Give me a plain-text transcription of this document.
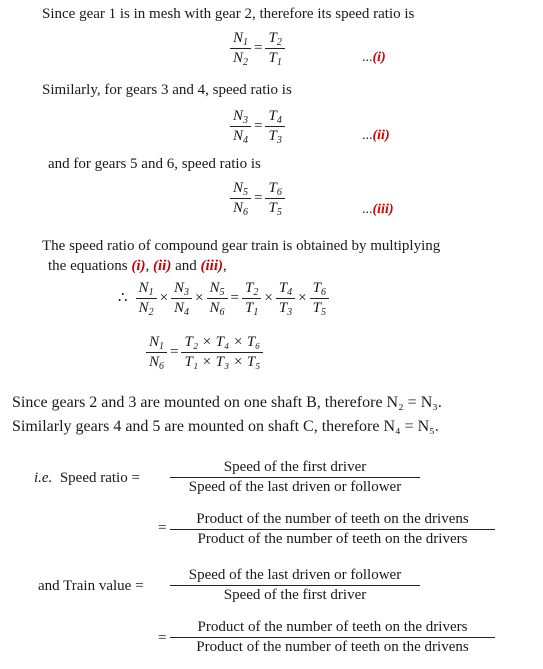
Since gear 1 is in mesh with gear 2, therefore its speed ratio is
$\frac{N_1}{N_2} = \frac{T_2}{T_1}$	...(i)
Similarly, for gears 3 and 4, speed ratio is
$\frac{N_3}{N_4} = \frac{T_4}{T_3}$	...(ii)
and for gears 5 and 6, speed ratio is
$\frac{N_5}{N_6} = \frac{T_6}{T_5}$	...(iii)
The speed ratio of compound gear train is obtained by multiplying
the equations (i), (ii) and (iii),
∴ $\frac{N_1}{N_2} \times \frac{N_3}{N_4} \times \frac{N_5}{N_6} = \frac{T_2}{T_1} \times \frac{T_4}{T_3} \times \frac{T_6}{T_5}$
$\frac{N_1}{N_6} = \frac{\text{T₂ × T₄ × T₆}}{\text{T₁ × T₃ × T₅}}$
Since gears 2 and 3 are mounted on one shaft B, therefore N₂ = N₃.
Similarly gears 4 and 5 are mounted on shaft C, therefore N₄ = N₅.
i.e. Speed ratio = $\frac{\text{Speed of the first driver}}{\text{Speed of the last driven or follower}}$
= $\frac{\text{Product of the number of teeth on the drivens}}{\text{Product of the number of teeth on the drivers}}$
and Train value = $\frac{\text{Speed of the last driven or follower}}{\text{Speed of the first driver}}$
= $\frac{\text{Product of the number of teeth on the drivers}}{\text{Product of the number of teeth on the drivens}}$
